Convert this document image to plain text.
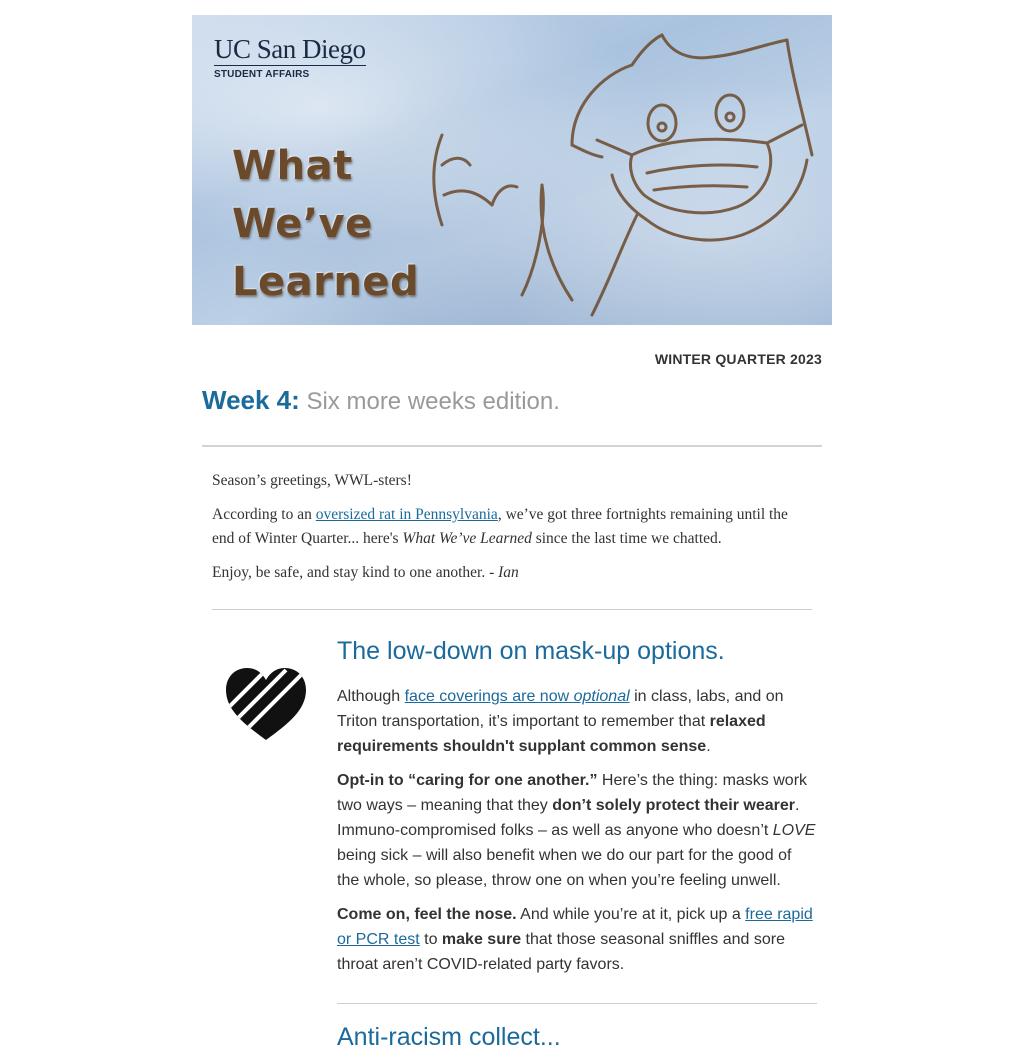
UC San Diego
STUDENT AFFAIRS
What
We’ve
Learned
WINTER QUARTER 2023
Week 4: Six more weeks edition.

Season’s greetings, WWL-sters!

According to an oversized rat in Pennsylvania, we’ve got three fortnights remaining until the end of Winter Quarter... here's What We’ve Learned since the last time we chatted.

Enjoy, be safe, and stay kind to one another. - Ian

The low-down on mask-up options.

Although face coverings are now optional in class, labs, and on Triton transportation, it’s important to remember that relaxed requirements shouldn't supplant common sense.

Opt-in to “caring for one another.” Here’s the thing: masks work two ways – meaning that they don’t solely protect their wearer. Immuno-compromised folks – as well as anyone who doesn’t LOVE being sick – will also benefit when we do our part for the good of the whole, so please, throw one on when you’re feeling unwell.

Come on, feel the nose. And while you’re at it, pick up a free rapid or PCR test to make sure that those seasonal sniffles and sore throat aren’t COVID-related party favors.

Anti-racism collect...
